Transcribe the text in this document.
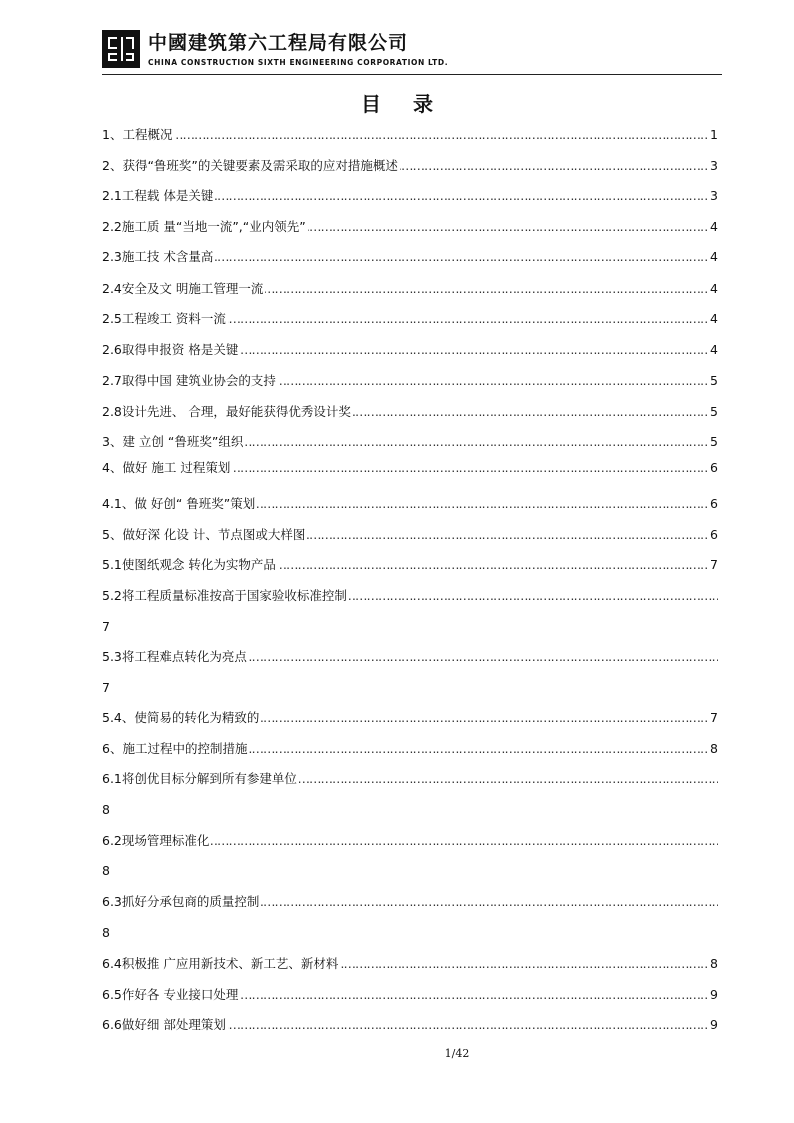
中國建筑第六工程局有限公司
CHINA CONSTRUCTION SIXTH ENGINEERING CORPORATION LTD.
目录
……………………………………………………………………………………………………………………………………………………………………………………………………
1、工程概况	1
……………………………………………………………………………………………………………………………………………………………………………………………………
2、获得“鲁班奖”的关键要素及需采取的应对措施概述	3
……………………………………………………………………………………………………………………………………………………………………………………………………
2.1工程载 体是关键	3
……………………………………………………………………………………………………………………………………………………………………………………………………
2.2施工质 量“当地一流”,“业内领先”	4
……………………………………………………………………………………………………………………………………………………………………………………………………
2.3施工技 术含量高	4
……………………………………………………………………………………………………………………………………………………………………………………………………
2.4安全及文 明施工管理一流	4
……………………………………………………………………………………………………………………………………………………………………………………………………
2.5工程竣工 资料一流	4
……………………………………………………………………………………………………………………………………………………………………………………………………
2.6取得申报资 格是关键	4
……………………………………………………………………………………………………………………………………………………………………………………………………
2.7取得中国 建筑业协会的支持	5
……………………………………………………………………………………………………………………………………………………………………………………………………
2.8设计先进、 合理，最好能获得优秀设计奖	5
……………………………………………………………………………………………………………………………………………………………………………………………………
3、建 立创 “鲁班奖”组织	5
……………………………………………………………………………………………………………………………………………………………………………………………………
4、做好 施工 过程策划	6
……………………………………………………………………………………………………………………………………………………………………………………………………
4.1、做 好创“ 鲁班奖”策划	6
……………………………………………………………………………………………………………………………………………………………………………………………………
5、做好深 化设 计、节点图或大样图	6
……………………………………………………………………………………………………………………………………………………………………………………………………
5.1使图纸观念 转化为实物产品	7
……………………………………………………………………………………………………………………………………………………………………………………………………
5.2将工程质量标准按高于国家验收标准控制
7
……………………………………………………………………………………………………………………………………………………………………………………………………
5.3将工程难点转化为亮点
7
……………………………………………………………………………………………………………………………………………………………………………………………………
5.4、使简易的转化为精致的	7
……………………………………………………………………………………………………………………………………………………………………………………………………
6、施工过程中的控制措施	8
……………………………………………………………………………………………………………………………………………………………………………………………………
6.1将创优目标分解到所有参建单位
8
……………………………………………………………………………………………………………………………………………………………………………………………………
6.2现场管理标准化
8
……………………………………………………………………………………………………………………………………………………………………………………………………
6.3抓好分承包商的质量控制
8
……………………………………………………………………………………………………………………………………………………………………………………………………
6.4积极推 广应用新技术、新工艺、新材料	8
……………………………………………………………………………………………………………………………………………………………………………………………………
6.5作好各 专业接口处理	9
……………………………………………………………………………………………………………………………………………………………………………………………………
6.6做好细 部处理策划	9
1/42
